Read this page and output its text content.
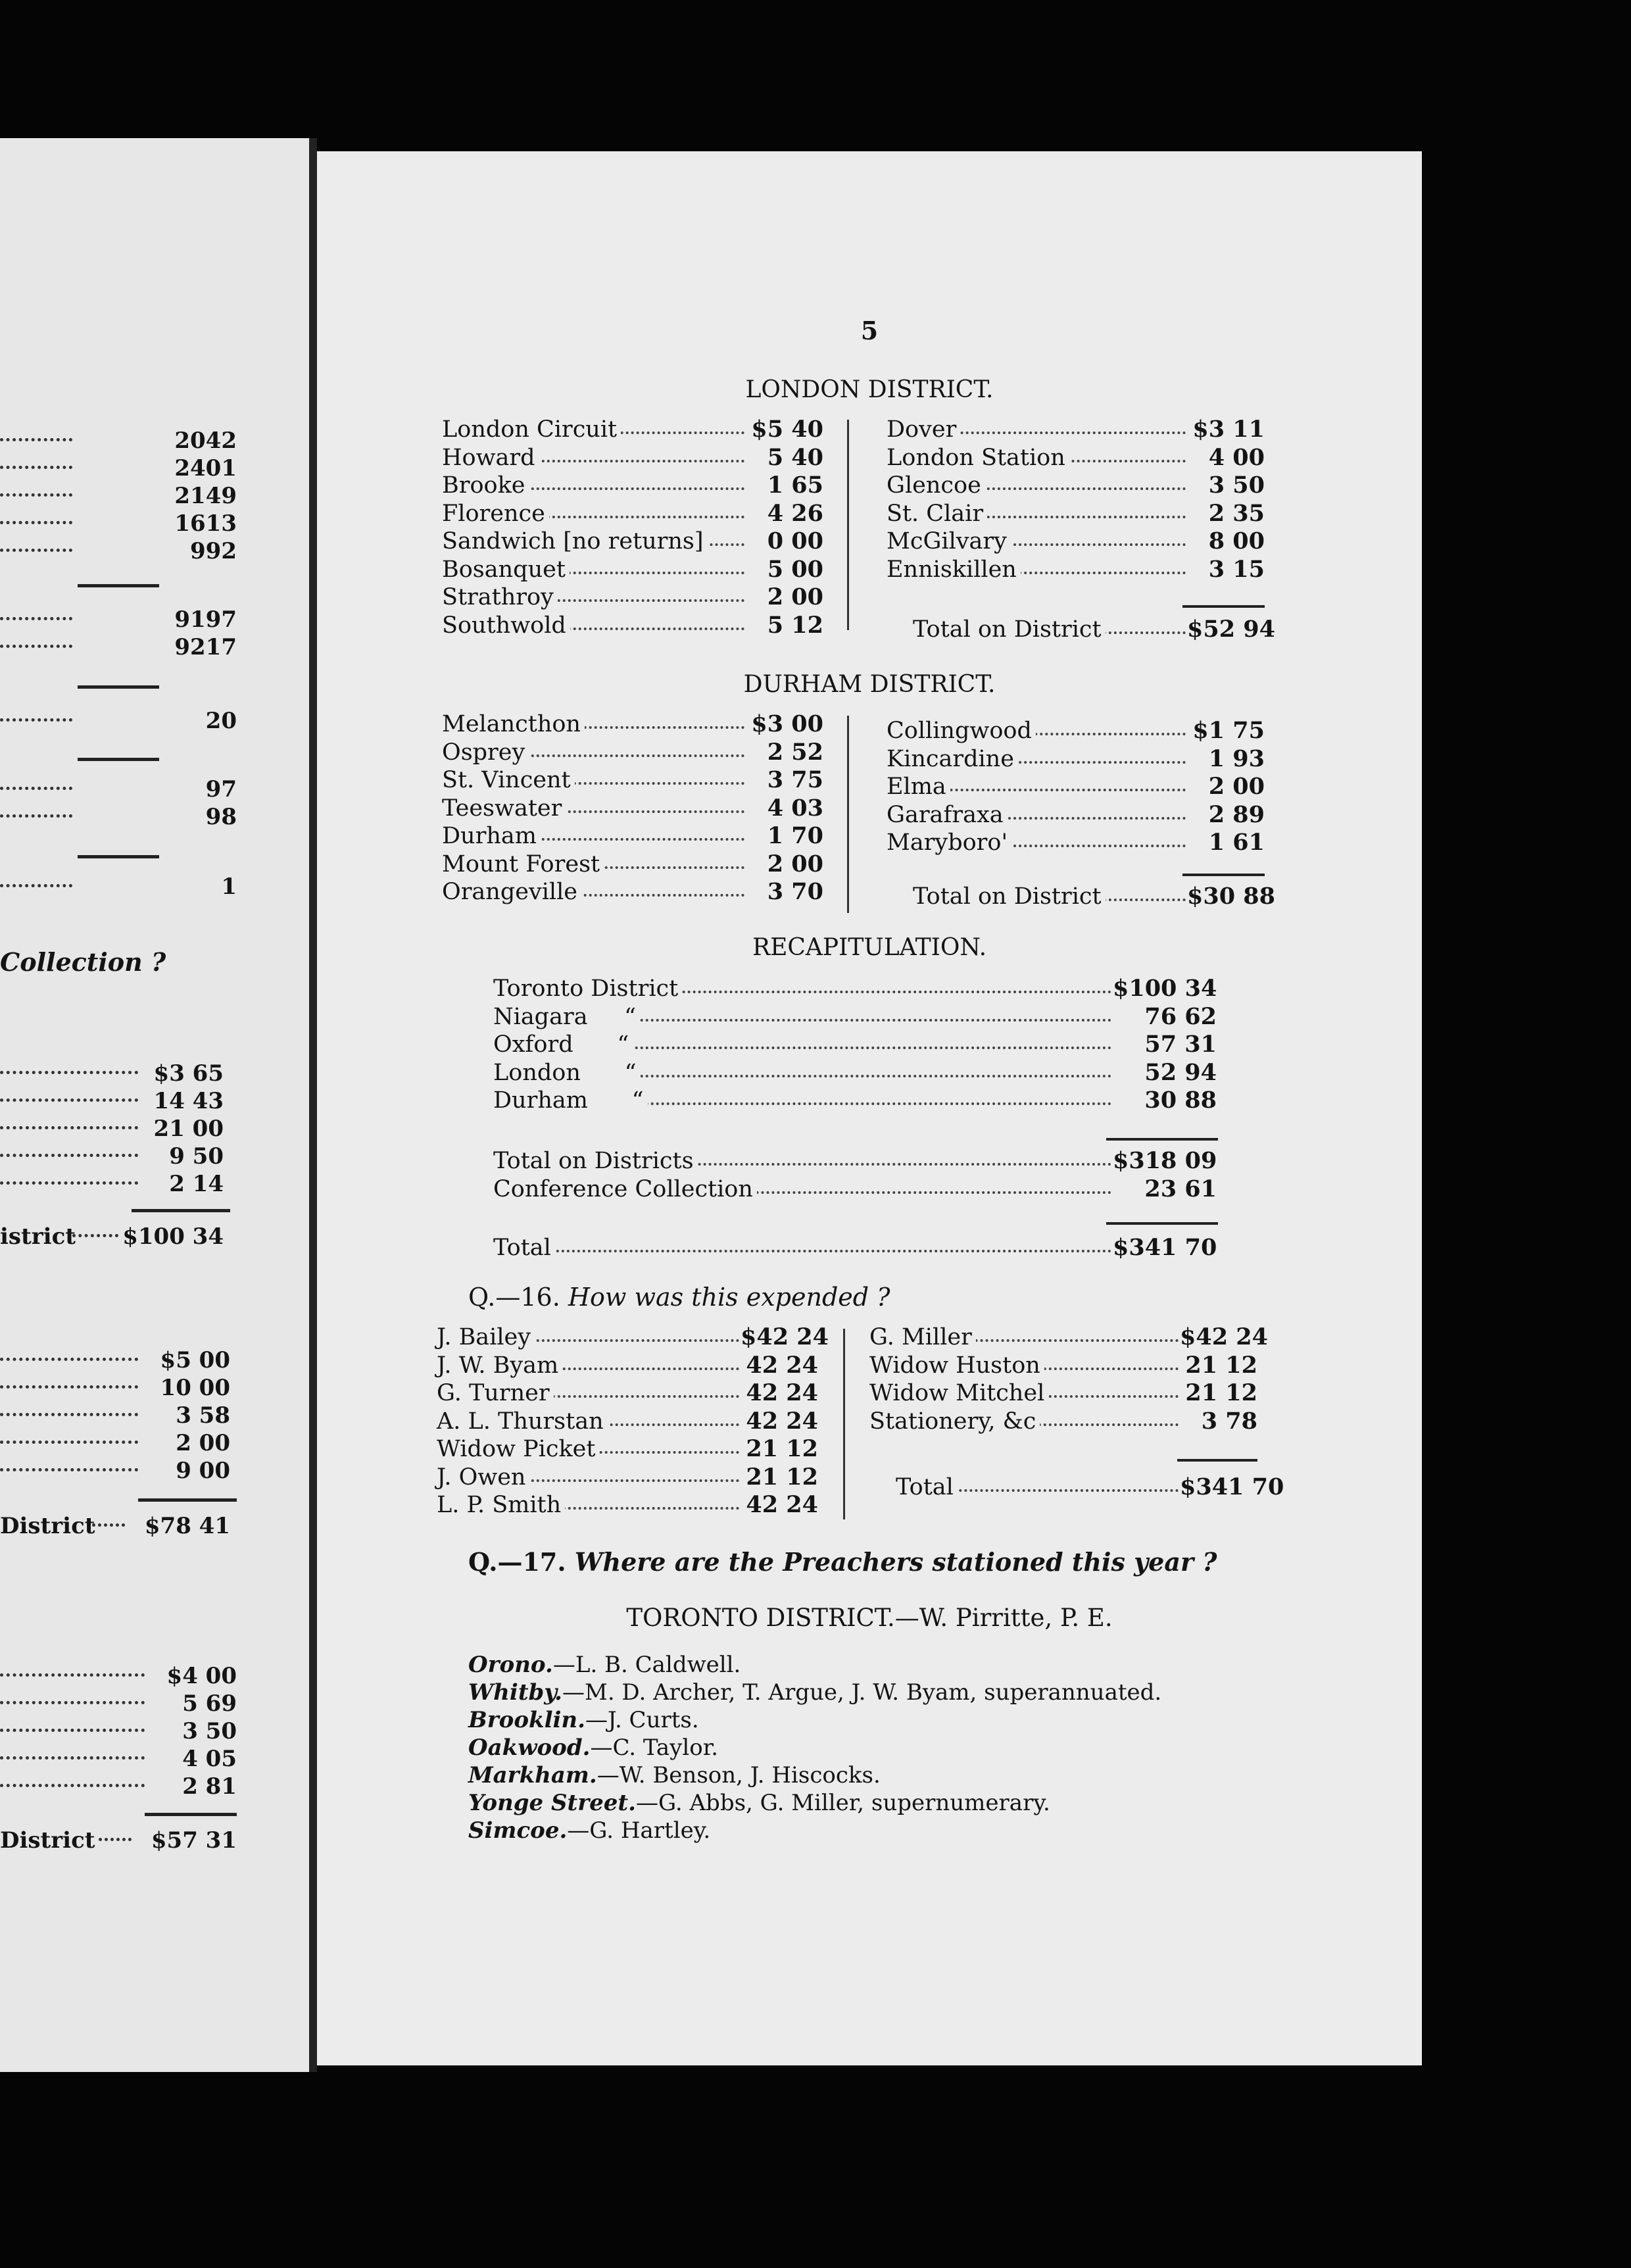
2042
2401
2149
1613
992
9197
9217
20
97
98
1
Collection ?
$3 65
14 43
21 00
9 50
2 14
istrict $100 34
$5 00
10 00
3 58
2 00
9 00
District $78 41
$4 00
5 69
3 50
4 05
2 81
District	$57 31
5
LONDON DISTRICT.
London Circuit	$5 40
Howard	5 40
Brooke	1 65
Florence	4 26
Sandwich [no returns]	0 00
Bosanquet	5 00
Strathroy	2 00
Southwold	5 12
Dover	$3 11
London Station	4 00
Glencoe	3 50
St. Clair	2 35
McGilvary	8 00
Enniskillen	3 15
Total on District	$52 94
DURHAM DISTRICT.
Melancthon	$3 00
Osprey	2 52
St. Vincent	3 75
Teeswater	4 03
Durham	1 70
Mount Forest	2 00
Orangeville	3 70
Collingwood	$1 75
Kincardine	1 93
Elma	2 00
Garafraxa	2 89
Maryboro'	1 61
Total on District	$30 88
RECAPITULATION.
Toronto District	$100 34
Niagara     “	76 62
Oxford      “	57 31
London      “	52 94
Durham      “	30 88
Total on Districts	$318 09
Conference Collection	23 61
Total	$341 70
Q.—16. How was this expended ?
J. Bailey	$42 24
J. W. Byam	42 24
G. Turner	42 24
A. L. Thurstan	42 24
Widow Picket	21 12
J. Owen	21 12
L. P. Smith	42 24
G. Miller	$42 24
Widow Huston	21 12
Widow Mitchel	21 12
Stationery, &c	3 78
Total	$341 70
Q.—17. Where are the Preachers stationed this year ?
TORONTO DISTRICT.—W. Pirritte, P. E.
Orono.—L. B. Caldwell.
Whitby.—M. D. Archer, T. Argue, J. W. Byam, superannuated.
Brooklin.—J. Curts.
Oakwood.—C. Taylor.
Markham.—W. Benson, J. Hiscocks.
Yonge Street.—G. Abbs, G. Miller, supernumerary.
Simcoe.—G. Hartley.
